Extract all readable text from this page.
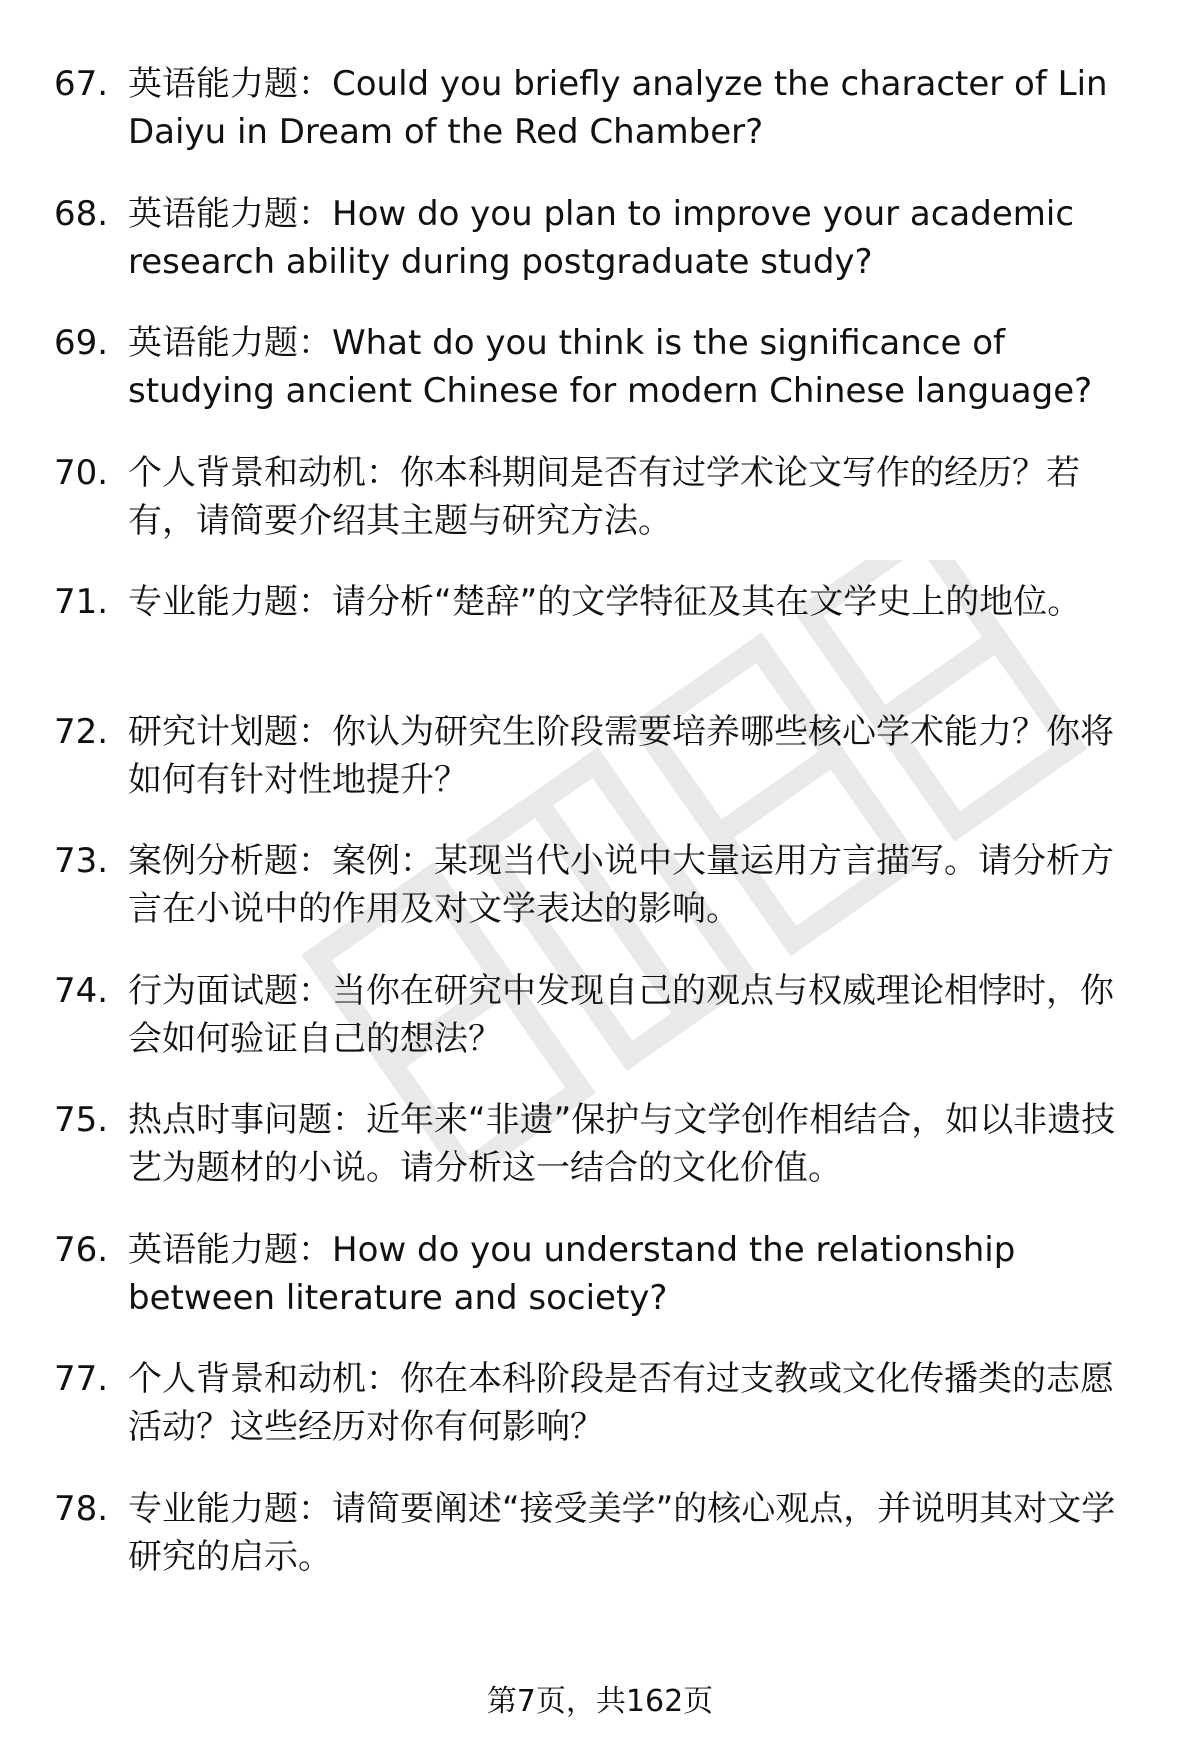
67. 英语能力题：Could you briefly analyze the character of Lin Daiyu in Dream of the Red Chamber?

68. 英语能力题：How do you plan to improve your academic research ability during postgraduate study?

69. 英语能力题：What do you think is the significance of studying ancient Chinese for modern Chinese language?

70. 个人背景和动机：你本科期间是否有过学术论文写作的经历？若有，请简要介绍其主题与研究方法。

71. 专业能力题：请分析“楚辞”的文学特征及其在文学史上的地位。

72. 研究计划题：你认为研究生阶段需要培养哪些核心学术能力？你将如何有针对性地提升？

73. 案例分析题：案例：某现当代小说中大量运用方言描写。请分析方言在小说中的作用及对文学表达的影响。

74. 行为面试题：当你在研究中发现自己的观点与权威理论相悖时，你会如何验证自己的想法？

75. 热点时事问题：近年来“非遗”保护与文学创作相结合，如以非遗技艺为题材的小说。请分析这一结合的文化价值。

76. 英语能力题：How do you understand the relationship between literature and society?

77. 个人背景和动机：你在本科阶段是否有过支教或文化传播类的志愿活动？这些经历对你有何影响？

78. 专业能力题：请简要阐述“接受美学”的核心观点，并说明其对文学研究的启示。

第7页，共162页
